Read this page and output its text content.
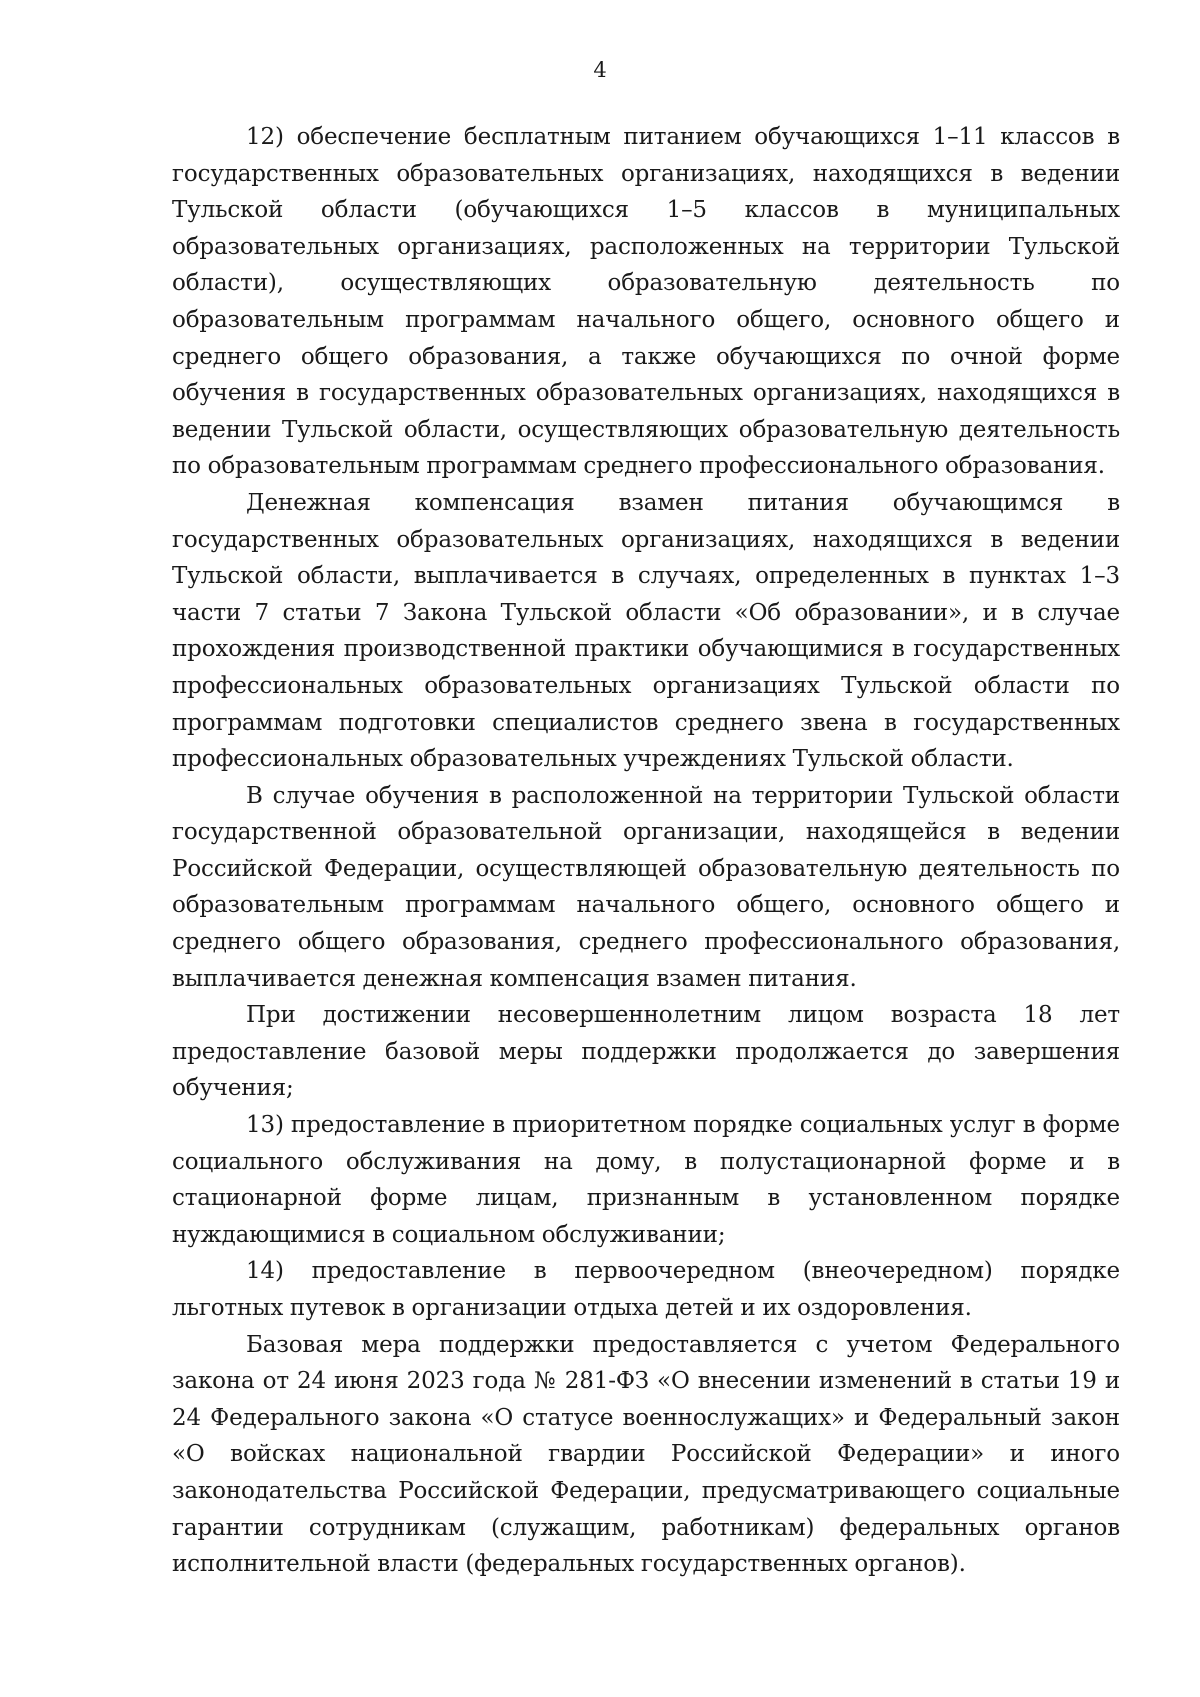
4

12) обеспечение бесплатным питанием обучающихся 1–11 классов в государственных образовательных организациях, находящихся в ведении Тульской области (обучающихся 1–5 классов в муниципальных образовательных организациях, расположенных на территории Тульской области), осуществляющих образовательную деятельность по образовательным программам начального общего, основного общего и среднего общего образования, а также обучающихся по очной форме обучения в государственных образовательных организациях, находящихся в ведении Тульской области, осуществляющих образовательную деятельность по образовательным программам среднего профессионального образования.

Денежная компенсация взамен питания обучающимся в государственных образовательных организациях, находящихся в ведении Тульской области, выплачивается в случаях, определенных в пунктах 1–3 части 7 статьи 7 Закона Тульской области «Об образовании», и в случае прохождения производственной практики обучающимися в государственных профессиональных образовательных организациях Тульской области по программам подготовки специалистов среднего звена в государственных профессиональных образовательных учреждениях Тульской области.

В случае обучения в расположенной на территории Тульской области государственной образовательной организации, находящейся в ведении Российской Федерации, осуществляющей образовательную деятельность по образовательным программам начального общего, основного общего и среднего общего образования, среднего профессионального образования, выплачивается денежная компенсация взамен питания.

При достижении несовершеннолетним лицом возраста 18 лет предоставление базовой меры поддержки продолжается до завершения обучения;

13) предоставление в приоритетном порядке социальных услуг в форме социального обслуживания на дому, в полустационарной форме и в стационарной форме лицам, признанным в установленном порядке нуждающимися в социальном обслуживании;

14) предоставление в первоочередном (внеочередном) порядке льготных путевок в организации отдыха детей и их оздоровления.

Базовая мера поддержки предоставляется с учетом Федерального закона от 24 июня 2023 года № 281-ФЗ «О внесении изменений в статьи 19 и 24 Федерального закона «О статусе военнослужащих» и Федеральный закон «О войсках национальной гвардии Российской Федерации» и иного законодательства Российской Федерации, предусматривающего социальные гарантии сотрудникам (служащим, работникам) федеральных органов исполнительной власти (федеральных государственных органов).
